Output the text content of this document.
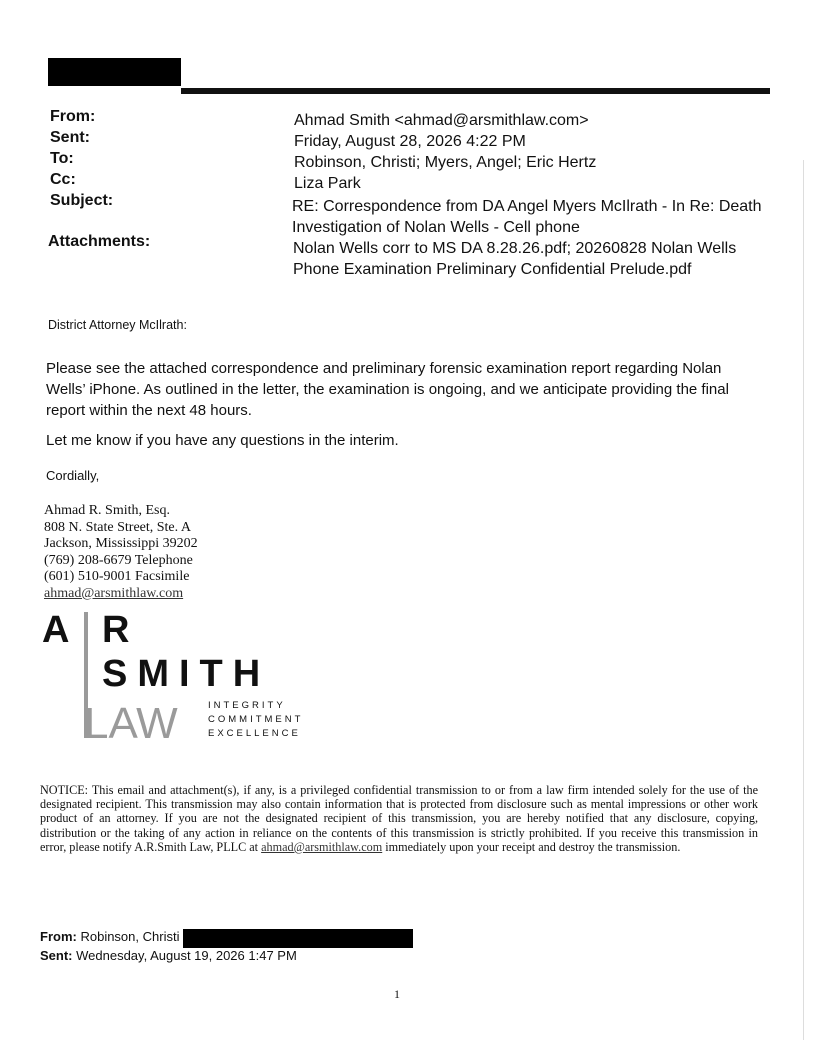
From:	Ahmad Smith <ahmad@arsmithlaw.com>
Sent:	Friday, August 28, 2026 4:22 PM
To:	Robinson, Christi; Myers, Angel; Eric Hertz
Cc:	Liza Park
Subject:	RE: Correspondence from DA Angel Myers McIlrath - In Re: Death
Investigation of Nolan Wells - Cell phone
Attachments:	Nolan Wells corr to MS DA 8.28.26.pdf; 20260828 Nolan Wells
Phone Examination Preliminary Confidential Prelude.pdf
District Attorney McIlrath:
Please see the attached correspondence and preliminary forensic examination report regarding Nolan
Wells’ iPhone. As outlined in the letter, the examination is ongoing, and we anticipate providing the final
report within the next 48 hours.
Let me know if you have any questions in the interim.
Cordially,
Ahmad R. Smith, Esq.
808 N. State Street, Ste. A
Jackson, Mississippi 39202
(769) 208-6679 Telephone
(601) 510-9001 Facsimile
ahmad@arsmithlaw.com
A R
SMITH
LAW	INTEGRITY
COMMITMENT
EXCELLENCE
NOTICE: This email and attachment(s), if any, is a privileged confidential transmission to or from a law firm intended solely for the use of the designated recipient. This transmission may also contain information that is protected from disclosure such as mental impressions or other work product of an attorney. If you are not the designated recipient of this transmission, you are hereby notified that any disclosure, copying, distribution or the taking of any action in reliance on the contents of this transmission is strictly prohibited. If you receive this transmission in error, please notify A.R.Smith Law, PLLC at ahmad@arsmithlaw.com immediately upon your receipt and destroy the transmission.
From: Robinson, Christi
Sent: Wednesday, August 19, 2026 1:47 PM
1
